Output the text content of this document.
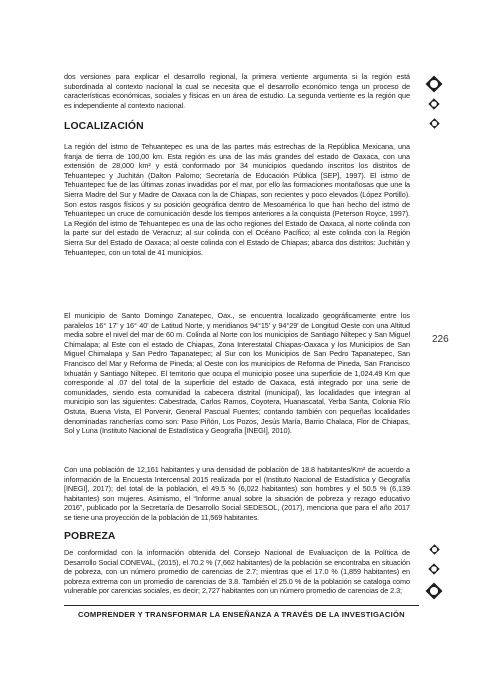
dos versiones para explicar el desarrollo regional, la primera vertiente argumenta si la región está subordinada al contexto nacional la cual se necesita que el desarrollo económico tenga un proceso de características económicas, sociales y físicas en un área de estudio. La segunda vertiente es la región que es independiente al contexto nacional.

LOCALIZACIÓN

La región del istmo de Tehuantepec es una de las partes más estrechas de la República Mexicana, una franja de tierra de 100,00 km. Esta región es una de las más grandes del estado de Oaxaca, con una extensión de 28,000 km² y está conformado por 34 municipios quedando inscritos los distritos de Tehuantepec y Juchitán (Dalton Palomo; Secretaría de Educación Pública [SEP], 1997). El istmo de Tehuantepec fue de las últimas zonas invadidas por el mar, por ello las formaciones montañosas que une la Sierra Madre del Sur y Madre de Oaxaca con la de Chiapas, son recientes y poco elevados (López Portillo). Son estos rasgos físicos y su posición geográfica dentro de Mesoamérica lo que han hecho del istmo de Tehuantepec un cruce de comunicación desde los tiempos anteriores a la conquista (Peterson Royce, 1997). La Región del istmo de Tehuantepec es una de las ocho regiones del Estado de Oaxaca, al norte colinda con la parte sur del estado de Veracruz; al sur colinda con el Océano Pacífico; al este colinda con la Región Sierra Sur del Estado de Oaxaca; al oeste colinda con el Estado de Chiapas; abarca dos distritos: Juchitán y Tehuantepec, con un total de 41 municipios.

El municipio de Santo Domingo Zanatepec, Oax., se encuentra localizado geográficamente entre los paralelos 16° 17' y 16° 40' de Latitud Norte, y meridianos 94°15' y 94°29' de Longitud Oeste con una Altitud media sobre el nivel del mar de 60 m. Colinda al Norte con los municipios de Santiago Niltepec y San Miguel Chimalapa; al Este con el estado de Chiapas, Zona Interestatal Chiapas-Oaxaca y los Municipios de San Miguel Chimalapa y San Pedro Tapanatepec; al Sur con los Municipios de San Pedro Tapanatepec, San Francisco del Mar y Reforma de Pineda; al Oeste con los municipios de Reforma de Pineda, San Francisco Ixhuatán y Santiago Niltepec. El territorio que ocupa el municipio posee una superficie de 1,024.49 Km que corresponde al .07 del total de la superficie del estado de Oaxaca, está integrado por una serie de comunidades, siendo esta comunidad la cabecera distrital (municipal), las localidades que integran al municipio son las siguientes: Cabestrada, Carlos Ramos, Coyotera, Huanascatal, Yerba Santa, Colonia Río Ostuta, Buena Vista, El Porvenir, General Pascual Fuentes; contando también con pequeñas localidades denominadas rancherías como son: Paso Piñón, Los Pozos, Jesús María, Barrio Chalaca, Flor de Chiapas, Sol y Luna (Instituto Nacional de Estadística y Geografía [INEGI], 2010).

Con una población de 12,161 habitantes y una densidad de población de 18.8 habitantes/Km² de acuerdo a información de la Encuesta Intercensal 2015 realizada por el (Instituto Nacional de Estadística y Geografía [INEGI], 2017); del total de la población, el 49.5 % (6,022 habitantes) son hombres y el 50.5 % (6,139 habitantes) son mujeres. Asimismo, el “Informe anual sobre la situación de pobreza y rezago educativo 2016”, publicado por la Secretaría de Desarrollo Social SEDESOL, (2017), menciona que para el año 2017 se tiene una proyección de la población de 11,569 habitantes.

POBREZA

De conformidad con la información obtenida del Consejo Nacional de Evaluacíçon de la Política de Desarrollo Social CONEVAL, (2015), el 70.2 % (7,662 habitantes) de la población se encontraba en situación de pobreza, con un número promedio de carencias de 2.7; mientras que el 17.0 % (1,859 habitantes) en pobreza extrema con un promedio de carencias de 3.8. También el 25.0 % de la población se cataloga como vulnerable por carencias sociales, es decir; 2,727 habitantes con un número promedio de carencias de 2.3;

226
COMPRENDER Y TRANSFORMAR LA ENSEÑANZA A TRAVÉS DE LA INVESTIGACIÓN
